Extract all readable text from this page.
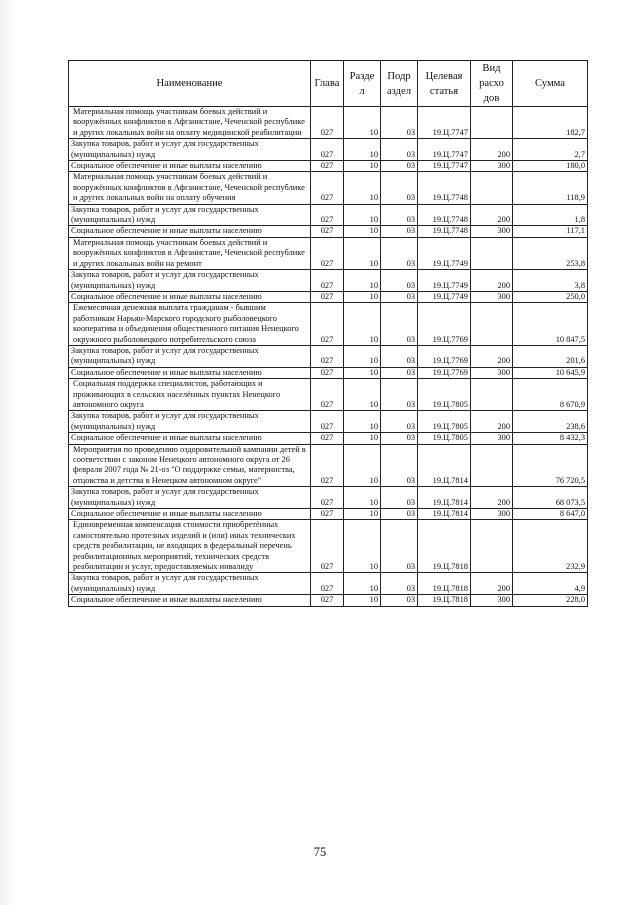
Наименование	Глава	Разде л	Подр аздел	Целевая статья	Вид расхо дов	Сумма
Материальная помощь участникам боевых действий и вооружённых конфликтов в Афганистане, Чеченской республике и других локальных войн на оплату медицинской реабилитации	027	10	03	19.Ц.7747		182,7
Закупка товаров, работ и услуг для государственных (муниципальных) нужд	027	10	03	19.Ц.7747	200	2,7
Социальное обеспечение и иные выплаты населению	027	10	03	19.Ц.7747	300	180,0
Материальная помощь участникам боевых действий и вооружённых конфликтов в Афганистане, Чеченской республике и других локальных войн на оплату обучения	027	10	03	19.Ц.7748		118,9
Закупка товаров, работ и услуг для государственных (муниципальных) нужд	027	10	03	19.Ц.7748	200	1,8
Социальное обеспечение и иные выплаты населению	027	10	03	19.Ц.7748	300	117,1
Материальная помощь участникам боевых действий и вооружённых конфликтов в Афганистане, Чеченской республике и других локальных войн на ремонт	027	10	03	19.Ц.7749		253,8
Закупка товаров, работ и услуг для государственных (муниципальных) нужд	027	10	03	19.Ц.7749	200	3,8
Социальное обеспечение и иные выплаты населению	027	10	03	19.Ц.7749	300	250,0
Ежемесячная денежная выплата гражданам - бывшим работникам Нарьян-Марского городского рыболовецкого кооператива и объединения общественного питания Ненецкого окружного рыболовецкого потребительского союза	027	10	03	19.Ц.7769		10 847,5
Закупка товаров, работ и услуг для государственных (муниципальных) нужд	027	10	03	19.Ц.7769	200	201,6
Социальное обеспечение и иные выплаты населению	027	10	03	19.Ц.7769	300	10 645,9
Социальная поддержка специалистов, работающих и проживающих в сельских населённых пунктах Ненецкого автономного округа	027	10	03	19.Ц.7805		8 670,9
Закупка товаров, работ и услуг для государственных (муниципальных) нужд	027	10	03	19.Ц.7805	200	238,6
Социальное обеспечение и иные выплаты населению	027	10	03	19.Ц.7805	300	8 432,3
Мероприятия по проведению оздоровительной кампании детей в соответствии с законом Ненецкого автономного округа от 26 февраля 2007 года № 21-оз "О поддержке семьи, материнства, отцовства и детства в Ненецком автономном округе"	027	10	03	19.Ц.7814		76 720,5
Закупка товаров, работ и услуг для государственных (муниципальных) нужд	027	10	03	19.Ц.7814	200	68 073,5
Социальное обеспечение и иные выплаты населению	027	10	03	19.Ц.7814	300	8 647,0
Единовременная компенсация стоимости приобретённых самостоятельно протезных изделий и (или) иных технических средств реабилитации, не входящих в федеральный перечень реабилитационных мероприятий, технических средств реабилитации и услуг, предоставляемых инвалиду	027	10	03	19.Ц.7818		232,9
Закупка товаров, работ и услуг для государственных (муниципальных) нужд	027	10	03	19.Ц.7818	200	4,9
Социальное обеспечение и иные выплаты населению	027	10	03	19.Ц.7818	300	228,0
75
